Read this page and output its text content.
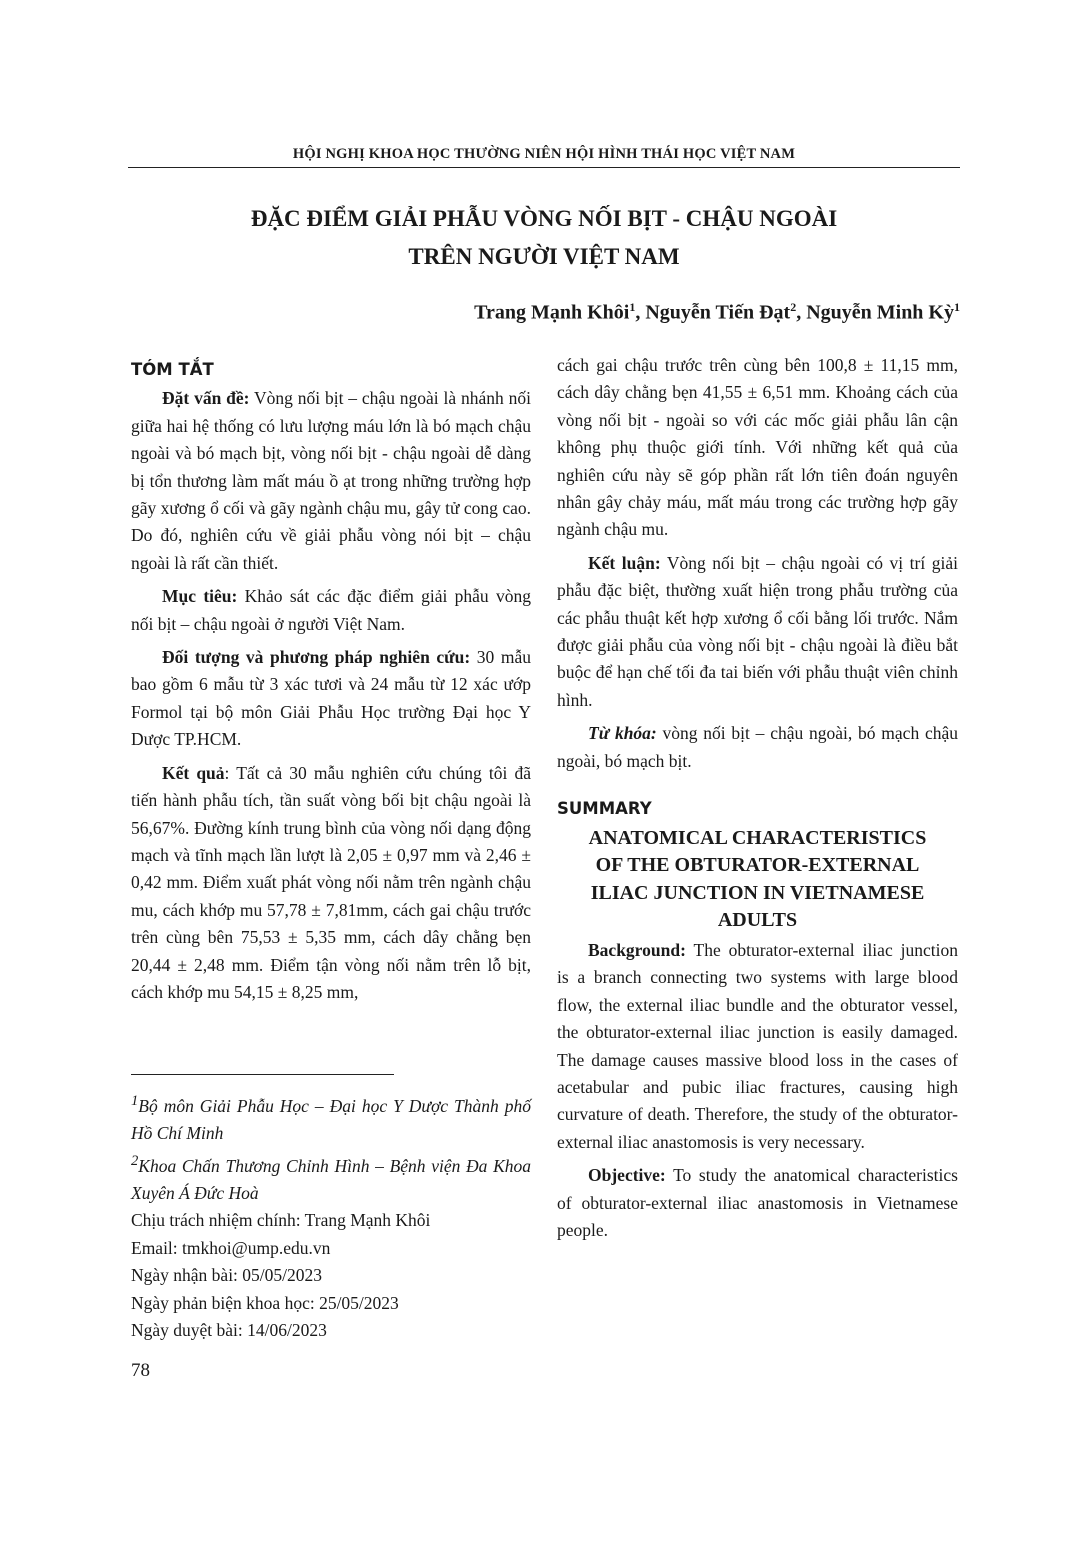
HỘI NGHỊ KHOA HỌC THƯỜNG NIÊN HỘI HÌNH THÁI HỌC VIỆT NAM
ĐẶC ĐIỂM GIẢI PHẪU VÒNG NỐI BỊT - CHẬU NGOÀI
TRÊN NGƯỜI VIỆT NAM
Trang Mạnh Khôi$^1$, Nguyễn Tiến Đạt$^2$, Nguyễn Minh Kỳ$^1$
TÓM TẮT

Đặt vấn đề: Vòng nối bịt – chậu ngoài là nhánh nối giữa hai hệ thống có lưu lượng máu lớn là bó mạch chậu ngoài và bó mạch bịt, vòng nối bịt - chậu ngoài dễ dàng bị tổn thương làm mất máu ồ ạt trong những trường hợp gãy xương ổ cối và gãy ngành chậu mu, gây tử cong cao. Do đó, nghiên cứu về giải phẫu vòng nói bịt – chậu ngoài là rất cần thiết.

Mục tiêu: Khảo sát các đặc điểm giải phẫu vòng nối bịt – chậu ngoài ở người Việt Nam.

Đối tượng và phương pháp nghiên cứu: 30 mẫu bao gồm 6 mẫu từ 3 xác tươi và 24 mẫu từ 12 xác ướp Formol tại bộ môn Giải Phẫu Học trường Đại học Y Dược TP.HCM.

Kết quả: Tất cả 30 mẫu nghiên cứu chúng tôi đã tiến hành phẫu tích, tần suất vòng bối bịt chậu ngoài là 56,67%. Đường kính trung bình của vòng nối dạng động mạch và tĩnh mạch lần lượt là 2,05 ± 0,97 mm và 2,46 ± 0,42 mm. Điểm xuất phát vòng nối nằm trên ngành chậu mu, cách khớp mu 57,78 ± 7,81mm, cách gai chậu trước trên cùng bên 75,53 ± 5,35 mm, cách dây chằng bẹn 20,44 ± 2,48 mm. Điểm tận vòng nối nằm trên lỗ bịt, cách khớp mu 54,15 ± 8,25 mm,

$^1$Bộ môn Giải Phẫu Học – Đại học Y Dược Thành phố Hồ Chí Minh

$^2$Khoa Chấn Thương Chỉnh Hình – Bệnh viện Đa Khoa Xuyên Á Đức Hoà

Chịu trách nhiệm chính: Trang Mạnh Khôi

Email: tmkhoi@ump.edu.vn

Ngày nhận bài: 05/05/2023

Ngày phản biện khoa học: 25/05/2023

Ngày duyệt bài: 14/06/2023

cách gai chậu trước trên cùng bên 100,8 ± 11,15 mm, cách dây chằng bẹn 41,55 ± 6,51 mm. Khoảng cách của vòng nối bịt - ngoài so với các mốc giải phẫu lân cận không phụ thuộc giới tính. Với những kết quả của nghiên cứu này sẽ góp phần rất lớn tiên đoán nguyên nhân gây chảy máu, mất máu trong các trường hợp gãy ngành chậu mu.

Kết luận: Vòng nối bịt – chậu ngoài có vị trí giải phẫu đặc biệt, thường xuất hiện trong phẫu trường của các phẫu thuật kết hợp xương ổ cối bằng lối trước. Nắm được giải phẫu của vòng nối bịt - chậu ngoài là điều bắt buộc để hạn chế tối đa tai biến với phẫu thuật viên chỉnh hình.

Từ khóa: vòng nối bịt – chậu ngoài, bó mạch chậu ngoài, bó mạch bịt.

SUMMARY
ANATOMICAL CHARACTERISTICS
OF THE OBTURATOR-EXTERNAL
ILIAC JUNCTION IN VIETNAMESE
ADULTS

Background: The obturator-external iliac junction is a branch connecting two systems with large blood flow, the external iliac bundle and the obturator vessel, the obturator-external iliac junction is easily damaged. The damage causes massive blood loss in the cases of acetabular and pubic iliac fractures, causing high curvature of death. Therefore, the study of the obturator-external iliac anastomosis is very necessary.

Objective: To study the anatomical characteristics of obturator-external iliac anastomosis in Vietnamese people.

78
